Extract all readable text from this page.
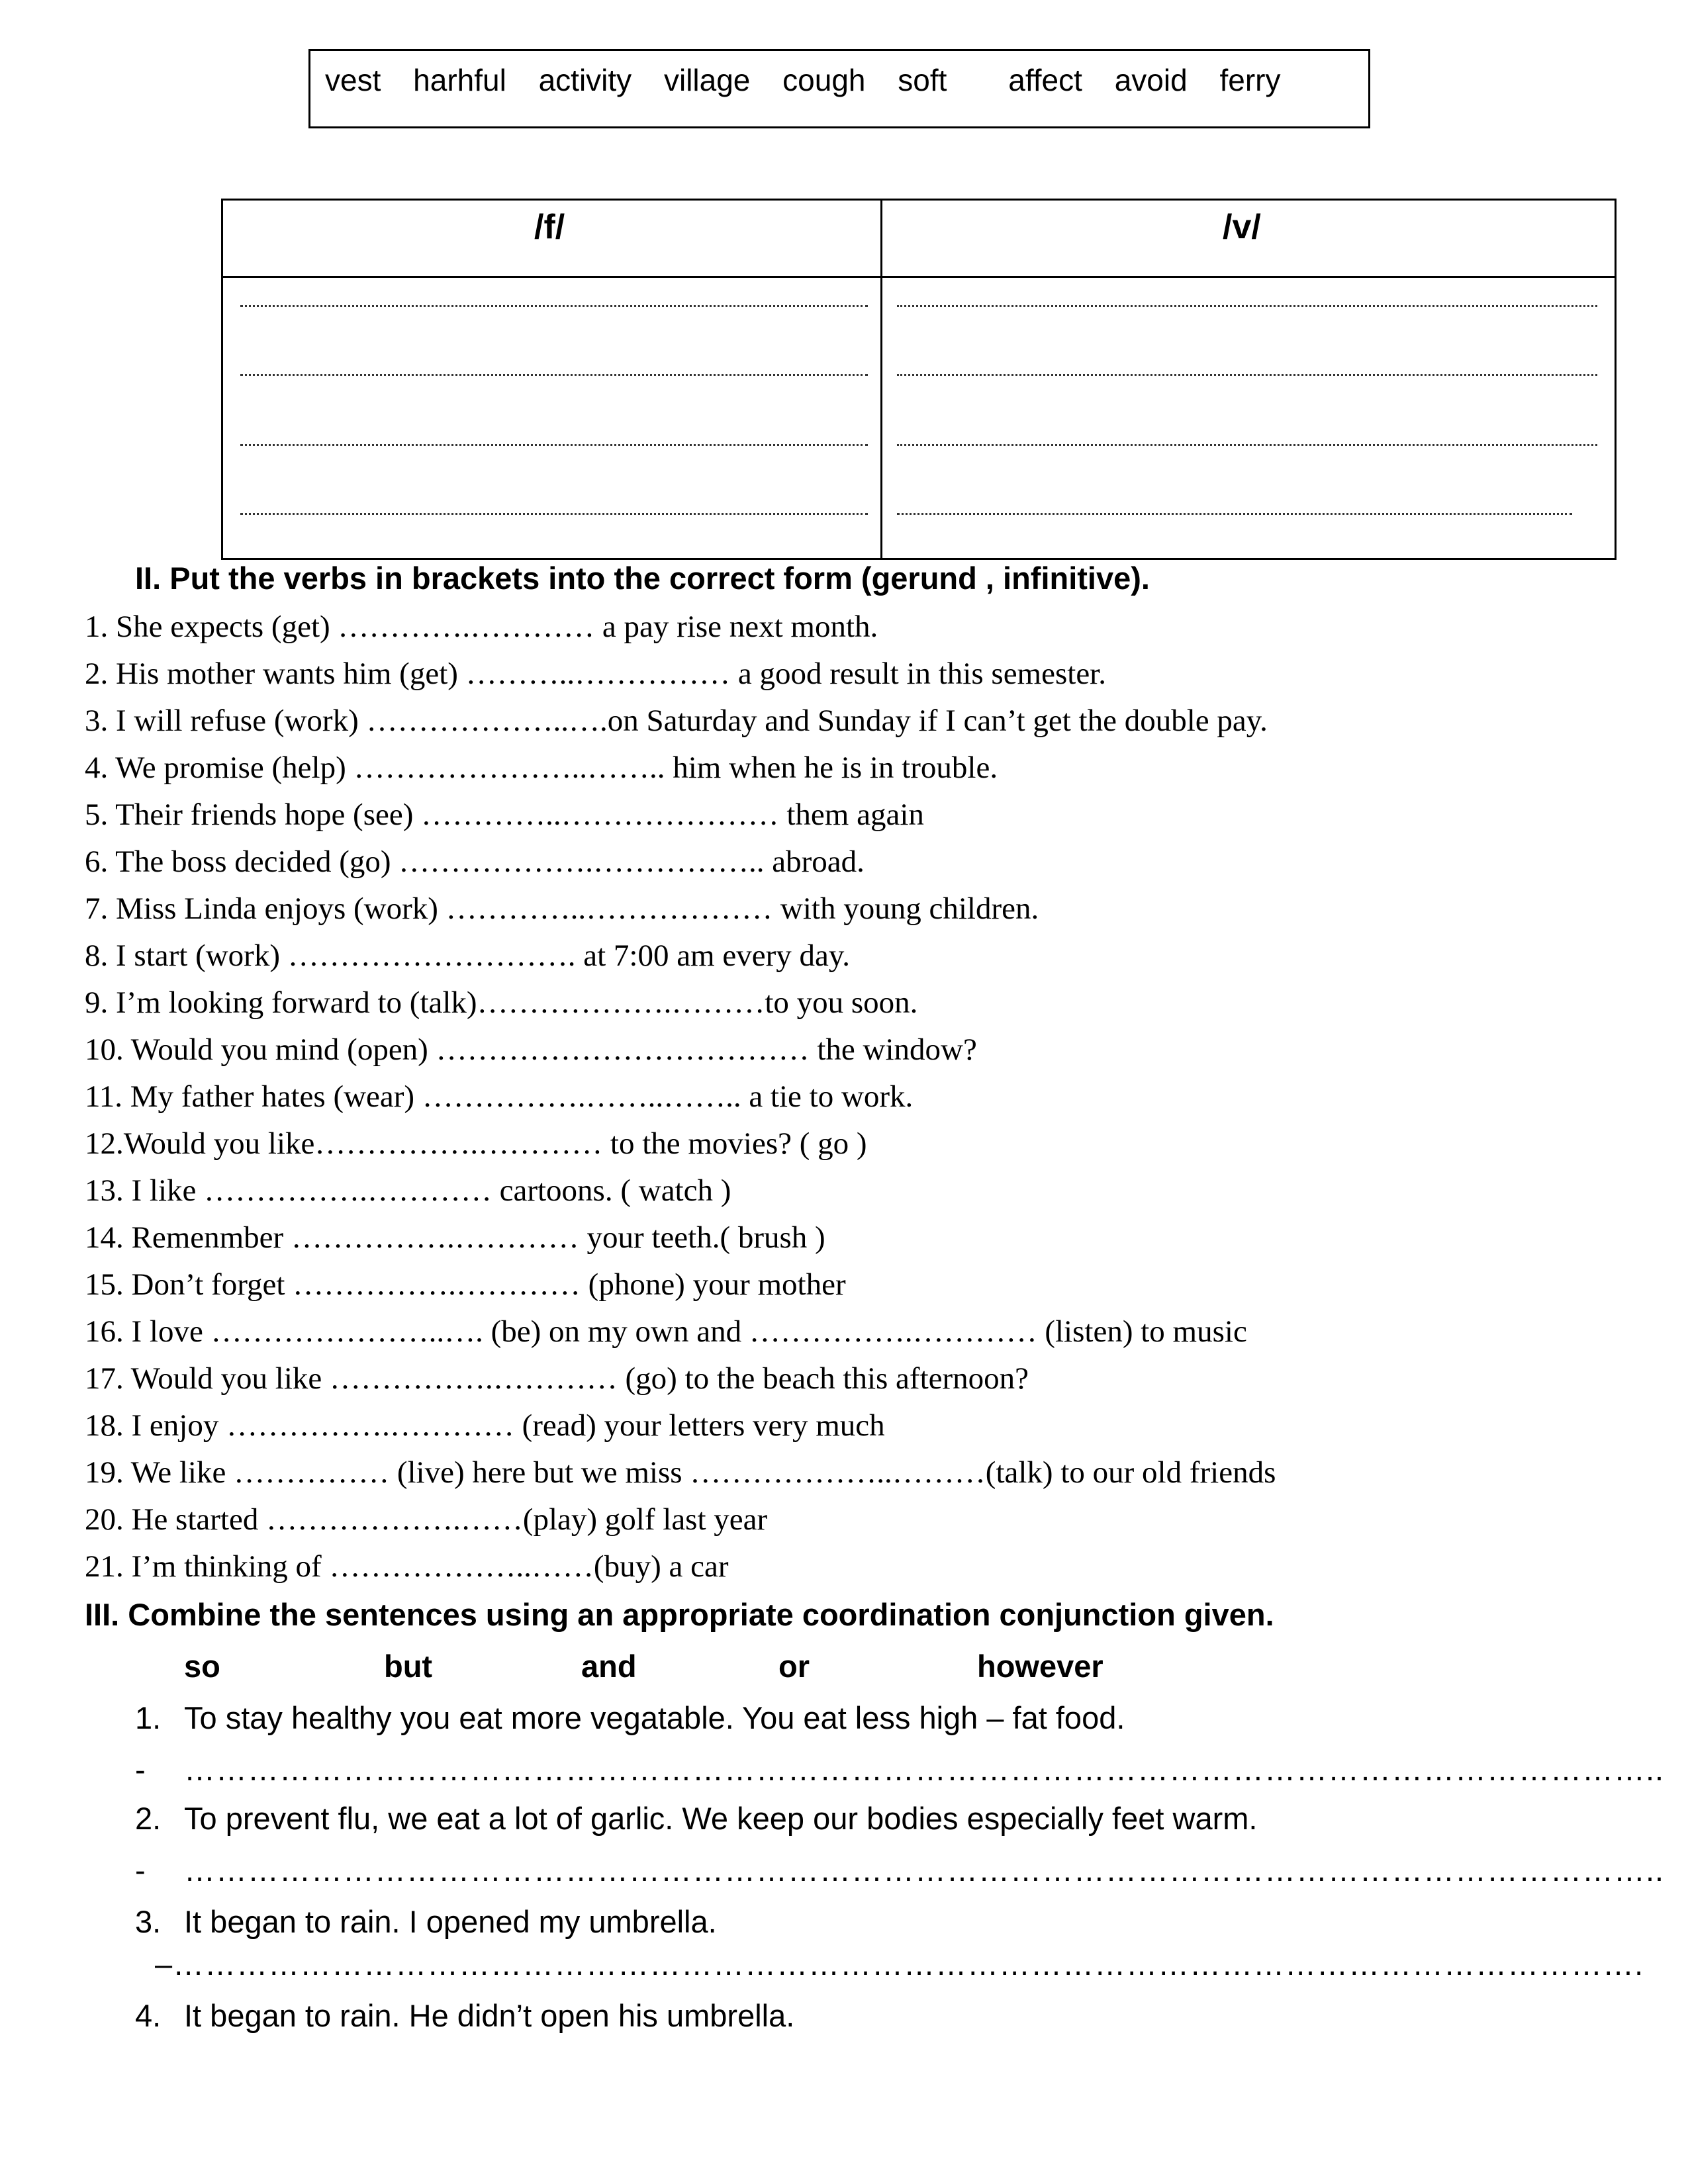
vest harhful activity village cough soft affect avoid ferry
/f/	/v/
II. Put the verbs in brackets into the correct form (gerund , infinitive).
1. She expects (get) ………….………… a pay rise next month.
2. His mother wants him (get) ………..…………… a good result in this semester.
3. I will refuse (work) ………………..….on Saturday and Sunday if I can’t get the double pay.
4. We promise (help) …………………..…….. him when he is in trouble.
5. Their friends hope (see) …………..………………… them again
6. The boss decided (go) ……………….…………….. abroad.
7. Miss Linda enjoys (work) …………..……………… with young children.
8. I start (work) ………………………. at 7:00 am every day.
9. I’m looking forward to (talk)……………….………to you soon.
10. Would you mind (open) ……………………………… the window?
11. My father hates (wear) …………….……..…….. a tie to work.
12.Would you like…………….………… to the movies? ( go )
13. I like …………….………… cartoons. ( watch )
14. Remenmber …………….………… your teeth.( brush )
15. Don’t forget …………….………… (phone) your mother
16. I love …………………..…. (be) on my own and …………….………… (listen) to music
17. Would you like …………….………… (go) to the beach this afternoon?
18. I enjoy …………….………… (read) your letters very much
19. We like …………… (live) here but we miss ………………..………(talk) to our old friends
20. He started ……………….……(play) golf last year
21. I’m thinking of ………………..……(buy) a car
III. Combine the sentences using an appropriate coordination conjunction given.
so	but	and	or	however
1. To stay healthy you eat more vegatable. You eat less high – fat food.
- …………………………………………………………………………………………………………………………..
2. To prevent flu, we eat a lot of garlic. We keep our bodies especially feet warm.
- …………………………………………………………………………………………………………………………..
3. It began to rain. I opened my umbrella.
–………………………………………………………………………………………………………………………….
4. It began to rain. He didn’t open his umbrella.
